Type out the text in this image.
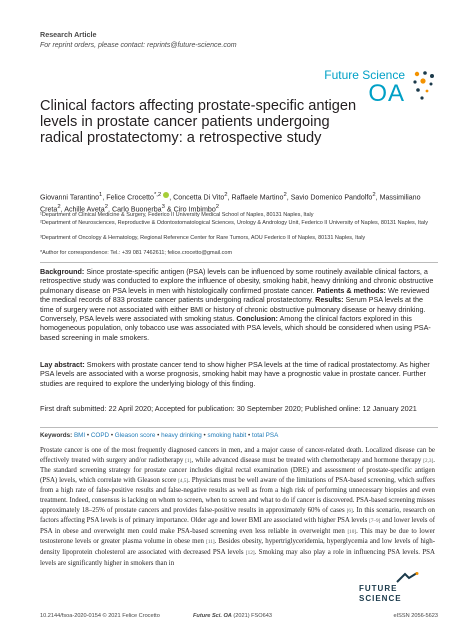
Research Article
For reprint orders, please contact: reprints@future-science.com
Future Science
OA
Clinical factors affecting prostate-specific antigen levels in prostate cancer patients undergoing radical prostatectomy: a retrospective study
Giovanni Tarantino$^1$, Felice Crocetto$^{*,2}$ , Concetta Di Vito$^2$, Raffaele Martino$^2$, Savio Domenico Pandolfo$^2$, Massimiliano Creta$^2$, Achille Aveta$^2$, Carlo Buonerba$^3$ & Ciro Imbimbo$^2$
¹Department of Clinical Medicine & Surgery, Federico II University Medical School of Naples, 80131 Naples, Italy
²Department of Neurosciences, Reproductive & Odontostomatological Sciences, Urology & Andrology Unit, Federico II University of Naples, 80131 Naples, Italy
³Department of Oncology & Hematology, Regional Reference Center for Rare Tumors, AOU Federico II of Naples, 80131 Naples, Italy
*Author for correspondence: Tel.: +39 081 7462611; felice.crocetto@gmail.com
Background: Since prostate-specific antigen (PSA) levels can be influenced by some routinely available clinical factors, a retrospective study was conducted to explore the influence of obesity, smoking habit, heavy drinking and chronic obstructive pulmonary disease on PSA levels in men with histologically confirmed prostate cancer. Patients & methods: We reviewed the medical records of 833 prostate cancer patients undergoing radical prostatectomy. Results: Serum PSA levels at the time of surgery were not associated with either BMI or history of chronic obstructive pulmonary disease or heavy drinking. Conversely, PSA levels were associated with smoking status. Conclusion: Among the clinical factors explored in this homogeneous population, only tobacco use was associated with PSA levels, which should be considered when using PSA-based screening in male smokers.
Lay abstract: Smokers with prostate cancer tend to show higher PSA levels at the time of radical prostatectomy. As higher PSA levels are associated with a worse prognosis, smoking habit may have a prognostic value in prostate cancer. Further studies are required to explore the underlying biology of this finding.
First draft submitted: 22 April 2020; Accepted for publication: 30 September 2020; Published online: 12 January 2021
Keywords: BMI • COPD • Gleason score • heavy drinking • smoking habit • total PSA
Prostate cancer is one of the most frequently diagnosed cancers in men, and a major cause of cancer-related death. Localized disease can be effectively treated with surgery and/or radiotherapy [1], while advanced disease must be treated with chemotherapy and hormone therapy [2,3]. The standard screening strategy for prostate cancer includes digital rectal examination (DRE) and assessment of prostate-specific antigen (PSA) levels, which correlate with Gleason score [4,5]. Physicians must be well aware of the limitations of PSA-based screening, which suffers from a high rate of false-positive results and false-negative results as well as from a high risk of performing unnecessary biopsies and even treatment. Indeed, consensus is lacking on whom to screen, when to screen and what to do if cancer is discovered. PSA-based screening misses approximately 18–25% of prostate cancers and provides false-positive results in approximately 60% of cases [6]. In this scenario, research on factors affecting PSA levels is of primary importance. Older age and lower BMI are associated with higher PSA levels [7–9] and lower levels of PSA in obese and overweight men could make PSA-based screening even less reliable in overweight men [10]. This may be due to lower testosterone levels or greater plasma volume in obese men [11]. Besides obesity, hypertriglyceridemia, hyperglycemia and low levels of high-density lipoprotein cholesterol are associated with decreased PSA levels [12]. Smoking may also play a role in influencing PSA levels. PSA levels are significantly higher in smokers than in
FUTURE
SCIENCE
10.2144/fsoa-2020-0154 © 2021 Felice Crocetto	Future Sci. OA (2021) FSO643	eISSN 2056-5623
